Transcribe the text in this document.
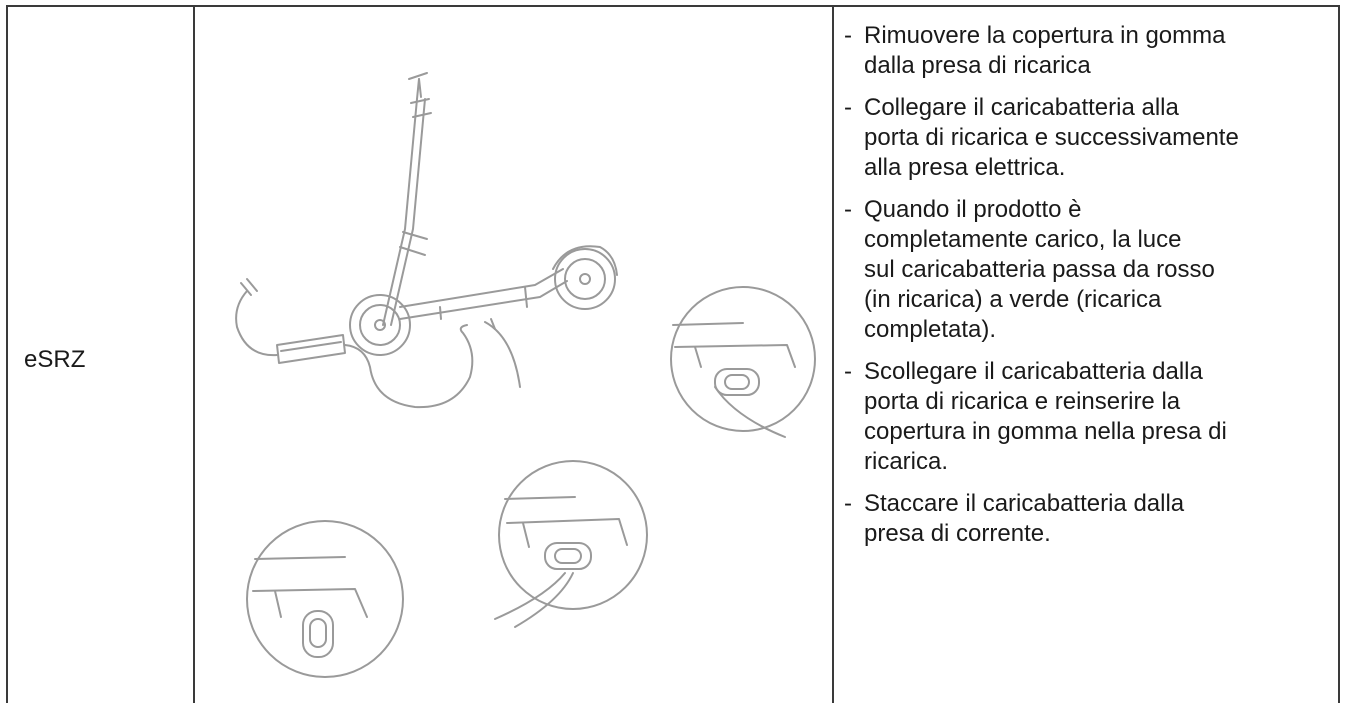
eSRZ
- Rimuovere la copertura in gomma
dalla presa di ricarica
- Collegare il caricabatteria alla
porta di ricarica e successivamente
alla presa elettrica.
- Quando il prodotto è
completamente carico, la luce
sul caricabatteria passa da rosso
(in ricarica) a verde (ricarica
completata).
- Scollegare il caricabatteria dalla
porta di ricarica e reinserire la
copertura in gomma nella presa di
ricarica.
- Staccare il caricabatteria dalla
presa di corrente.
